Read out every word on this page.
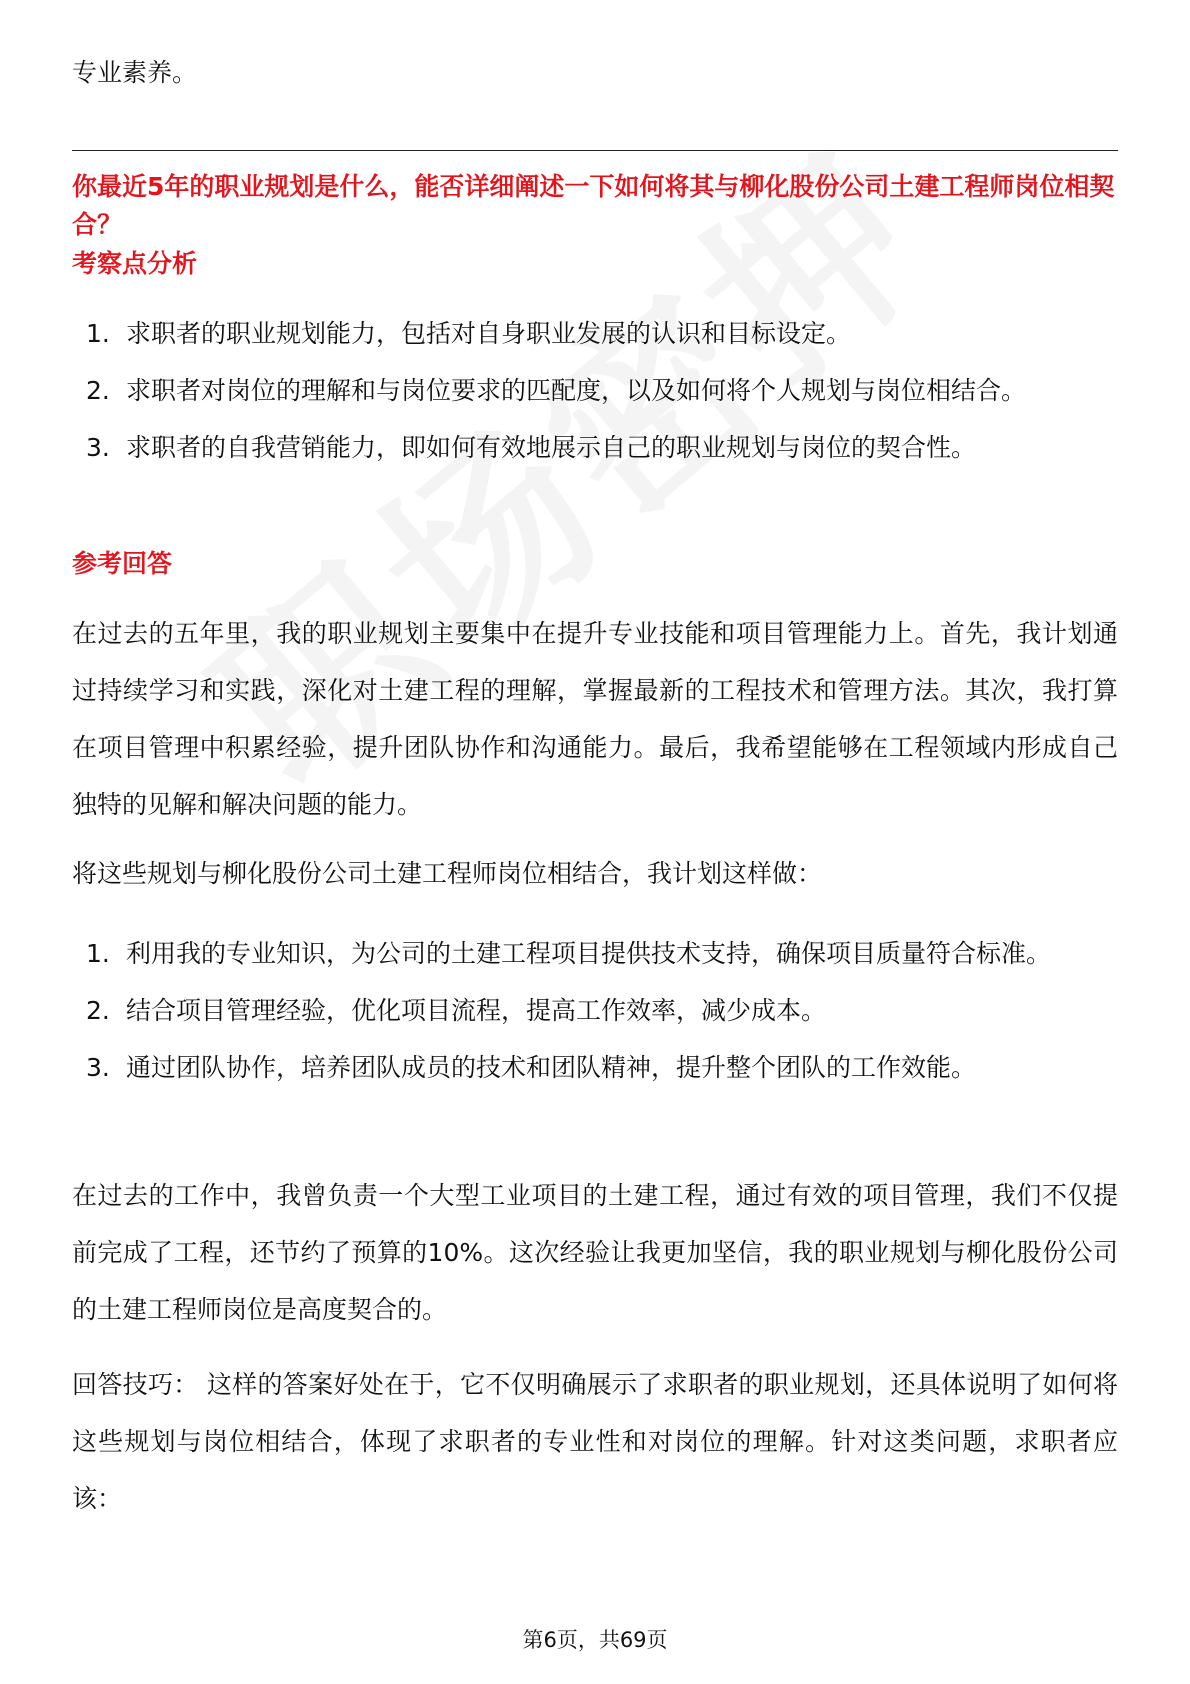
专业素养。

你最近5年的职业规划是什么，能否详细阐述一下如何将其与柳化股份公司土建工程师岗位相契合？

考察点分析

1. 求职者的职业规划能力，包括对自身职业发展的认识和目标设定。
2. 求职者对岗位的理解和与岗位要求的匹配度，以及如何将个人规划与岗位相结合。
3. 求职者的自我营销能力，即如何有效地展示自己的职业规划与岗位的契合性。

参考回答

在过去的五年里，我的职业规划主要集中在提升专业技能和项目管理能力上。首先，我计划通过持续学习和实践，深化对土建工程的理解，掌握最新的工程技术和管理方法。其次，我打算在项目管理中积累经验，提升团队协作和沟通能力。最后，我希望能够在工程领域内形成自己独特的见解和解决问题的能力。

将这些规划与柳化股份公司土建工程师岗位相结合，我计划这样做：

1. 利用我的专业知识，为公司的土建工程项目提供技术支持，确保项目质量符合标准。
2. 结合项目管理经验，优化项目流程，提高工作效率，减少成本。
3. 通过团队协作，培养团队成员的技术和团队精神，提升整个团队的工作效能。

在过去的工作中，我曾负责一个大型工业项目的土建工程，通过有效的项目管理，我们不仅提前完成了工程，还节约了预算的10%。这次经验让我更加坚信，我的职业规划与柳化股份公司的土建工程师岗位是高度契合的。

回答技巧： 这样的答案好处在于，它不仅明确展示了求职者的职业规划，还具体说明了如何将这些规划与岗位相结合，体现了求职者的专业性和对岗位的理解。针对这类问题，求职者应该：

第6页，共69页
